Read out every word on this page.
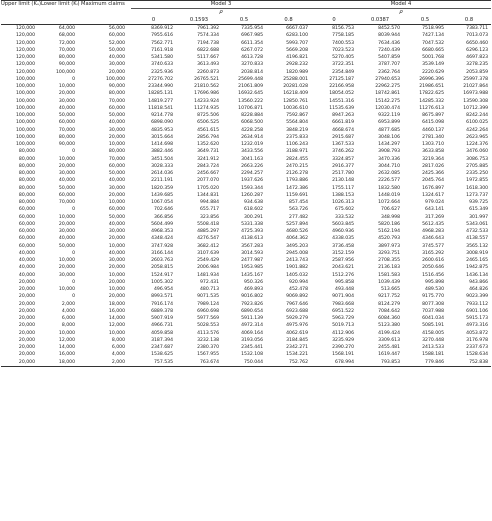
Upper limit (Kᵤ)	Lower limit (Kₗ)	Maximum claims	Model 3				Model 4			
			ρ				ρ			
			0	0.1593	0.5	0.8	0	0.0387	0.5	0.8
120,000	64,000	56,000	8369.912	7961.392	7335.954	6667.037	8156.753	8452.570	7518.995	7383.711
120,000	68,000	60,000	7955.616	7574.334	6967.985	6283.100	7758.185	8039.944	7427.134	7013.073
120,000	72,000	52,000	7562.771	7194.738	6611.354	5993.707	7400.553	7634.436	7047.532	6650.460
120,000	70,000	50,000	7161.918	6822.688	6267.072	5669.208	7023.523	7240.439	6680.665	6296.123
120,000	80,000	40,000	5341.580	5117.667	4613.728	4196.821	5270.405	5407.859	5001.768	4697.823
120,000	90,000	30,000	3740.633	3613.493	3270.833	2928.232	3722.351	3787.707	3539.149	3278.235
120,000	100,000	20,000	2325.936	2260.873	2038.814	1820.989	2354.849	2362.764	2220.629	2053.859
100,000	0	100,000	27276.702	26765.521	25699.448	25288.001	27125.187	27940.653	26996.396	25997.378
100,000	10,000	90,000	23344.990	21810.562	21061.809	20281.028	22166.958	22962.275	21986.651	21027.864
100,000	20,000	80,000	18285.131	17696.986	16932.645	16218.409	18054.052	18742.861	17822.625	16973.988
100,000	30,000	70,000	14819.277	14233.924	13560.222	12850.761	14551.316	15142.275	14285.332	13590.308
100,000	40,000	60,000	11818.541	11274.935	10706.871	10036.610	11535.639	12030.474	11276.613	10712.399
100,000	50,000	50,000	9214.778	8725.506	8228.884	7592.867	8947.263	9322.119	8675.897	8242.244
100,000	60,000	40,000	6898.090	6506.525	6068.500	5564.804	6661.819	6953.899	6415.098	6100.025
100,000	70,000	30,000	4835.953	4561.615	4228.258	3848.219	4668.674	4877.685	4460.137	4242.264
100,000	80,000	20,000	3015.664	2856.794	2634.914	2375.833	2915.687	3048.106	2781.340	2623.965
100,000	90,000	10,000	1414.698	1352.620	1232.019	1106.243	1367.533	1434.297	1303.710	1224.376
80,000	0	80,000	3882.446	3649.731	3433.556	3188.971	3746.262	3908.793	3633.858	3476.060
80,000	10,000	70,000	3451.504	3241.912	3041.163	2824.455	3324.857	3470.336	3219.364	3086.753
80,000	20,000	60,000	3028.333	2843.724	2663.226	2470.215	2916.377	3044.710	2817.026	2705.885
80,000	30,000	50,000	2614.036	2456.667	2294.257	2126.278	2517.780	2632.085	2425.366	2335.250
80,000	40,000	40,000	2211.191	2077.070	1937.626	1793.886	2130.148	2226.577	2045.764	1972.855
80,000	50,000	30,000	1820.359	1705.020	1593.344	1472.386	1755.117	1832.580	1676.897	1618.300
80,000	60,000	20,000	1439.685	1344.831	1260.287	1159.691	1388.153	1448.019	1324.617	1273.737
80,000	70,000	10,000	1067.054	994.884	934.638	857.454	1026.313	1072.664	979.024	939.725
60,000	0	60,000	702.646	655.717	618.602	563.726	675.602	706.627	643.141	615.349
60,000	10,000	50,000	366.856	323.856	300.291	277.482	333.532	348.998	317.269	301.997
60,000	20,000	40,000	5604.499	5508.418	5331.338	5257.894	5603.845	5820.186	5612.435	5343.061
60,000	30,000	30,000	4968.353	4885.297	4725.393	4680.526	4960.936	5162.194	4968.283	4732.533
60,000	40,000	20,000	4348.424	4276.547	4138.613	4064.362	4338.035	4520.793	4346.643	4138.557
60,000	50,000	10,000	3747.928	3682.412	3567.283	3495.203	3736.458	3897.973	3745.577	3565.132
40,000	0	40,000	3166.144	3107.639	3014.593	2945.008	3152.159	3293.751	3165.292	3008.919
40,000	10,000	30,000	2603.763	2549.429	2477.987	2413.743	2587.956	2708.355	2600.616	2465.165
40,000	20,000	20,000	2058.815	2006.984	1953.985	1901.882	2043.621	2136.183	2050.646	1942.875
40,000	30,000	10,000	1524.917	1481.934	1435.167	1405.032	1512.276	1581.583	1516.456	1436.134
20,000	0	20,000	1005.302	972.431	950.326	920.994	995.858	1039.439	995.898	943.866
20,000	10,000	10,000	496.954	480.713	469.893	452.478	493.448	513.665	489.530	464.826
20,000	0	20,000	8993.571	9071.535	9016.802	9069.892	9071.904	9217.752	9175.770	9023.399
20,000	2,000	18,000	7916.174	7989.124	7923.826	7967.646	7983.668	8124.279	8077.308	7933.112
20,000	4,000	16,000	6889.378	6960.698	6890.654	6923.688	6951.522	7084.642	7037.988	6901.106
20,000	6,000	14,000	5907.919	5977.569	5911.139	5929.279	5963.729	6084.360	6041.034	5915.173
20,000	8,000	12,000	4966.731	5028.553	4972.314	4975.976	5019.713	5123.380	5085.191	4973.316
20,000	10,000	10,000	4059.858	4113.576	4069.164	4062.619	4112.906	4199.424	4158.005	4053.872
20,000	12,000	8,000	3187.394	3232.138	3193.056	3184.845	3235.929	3309.613	3270.448	3176.978
20,000	14,000	6,000	2347.687	2380.370	2345.441	2342.271	2390.270	2455.481	2413.533	2337.673
20,000	16,000	4,000	1538.625	1567.955	1532.108	1534.221	1568.191	1619.447	1588.181	1528.634
20,000	18,000	2,000	757.535	763.674	750.044	752.762	678.994	793.853	779.846	752.838
